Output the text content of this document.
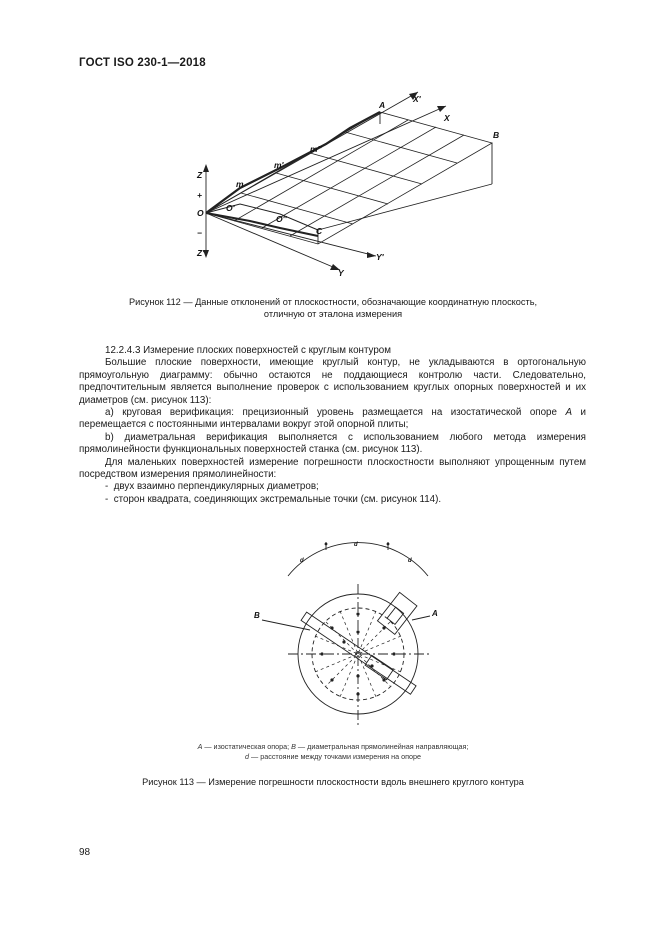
ГОСТ ISO 230-1—2018
A
B
X'
X
Z
Z'
O
m
m'
m''
O'
O''
C
Y
Y'
+
−
Рисунок 112 — Данные отклонений от плоскостности, обозначающие координатную плоскость,
отличную от эталона измерения

12.2.4.3 Измерение плоских поверхностей с круглым контуром

Большие плоские поверхности, имеющие круглый контур, не укладываются в ортогональную прямоугольную диаграмму: обычно остаются не поддающиеся контролю части. Следовательно, предпочтительным является выполнение проверок с использованием круглых опорных поверхностей и их диаметров (см. рисунок 113):

a) круговая верификация: прецизионный уровень размещается на изостатической опоре A и перемещается с постоянными интервалами вокруг этой опорной плиты;

b) диаметральная верификация выполняется с использованием любого метода измерения прямолинейности функциональных поверхностей станка (см. рисунок 113).

Для маленьких поверхностей измерение погрешности плоскостности выполняют упрощенным путем посредством измерения прямолинейности:

-  двух взаимно перпендикулярных диаметров;

-  сторон квадрата, соединяющих экстремальные точки (см. рисунок 114).

B	A
d
d
d
A — изостатическая опора; B — диаметральная прямолинейная направляющая;
d — расстояние между точками измерения на опоре
Рисунок 113 — Измерение погрешности плоскостности вдоль внешнего круглого контура
98
